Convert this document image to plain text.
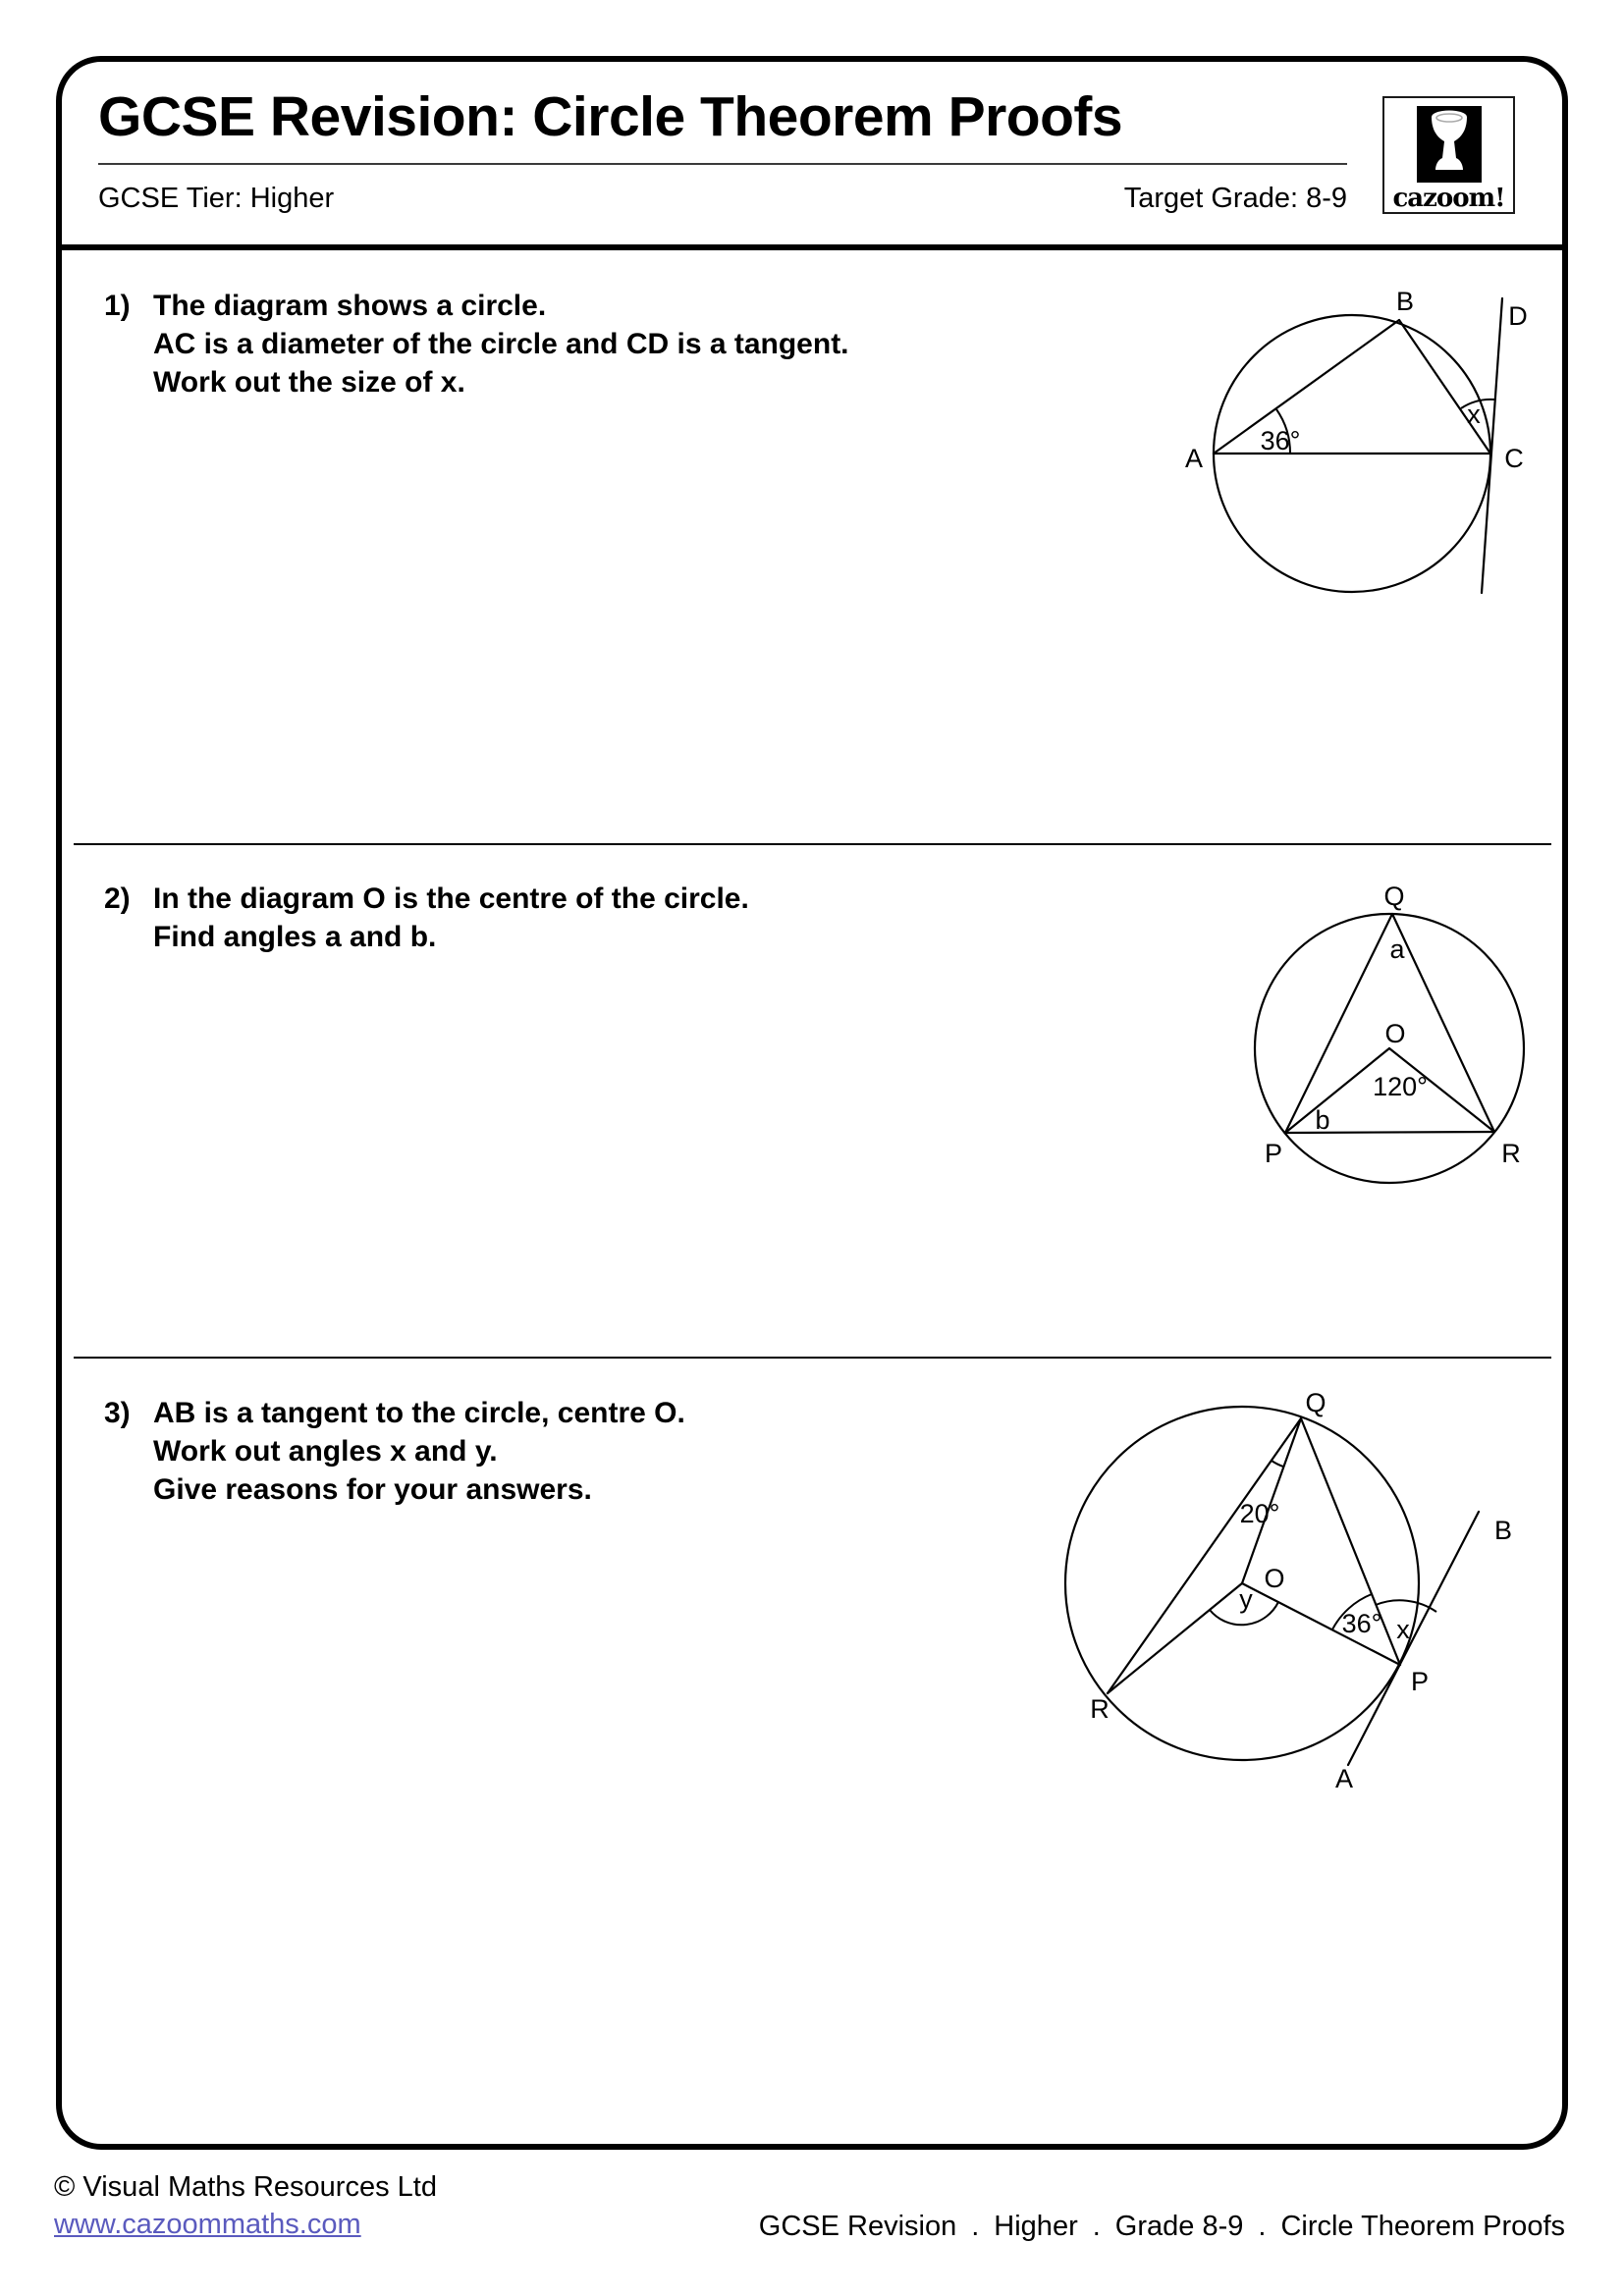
GCSE Revision: Circle Theorem Proofs
GCSE Tier: Higher	Target Grade: 8-9 cazoom!
1) The diagram shows a circle.
AC is a diameter of the circle and CD is a tangent.
Work out the size of x.
A
B
C
D
36°
x
2) In the diagram O is the centre of the circle.
Find angles a and b.
Q
a
O
120°
b
P	R
3) AB is a tangent to the circle, centre O.
Work out angles x and y.
Give reasons for your answers.
Q
R
P
O
B
A
20°
y
36° x
© Visual Maths Resources Ltd
www.cazoommaths.com	GCSE Revision . Higher . Grade 8-9 . Circle Theorem Proofs
